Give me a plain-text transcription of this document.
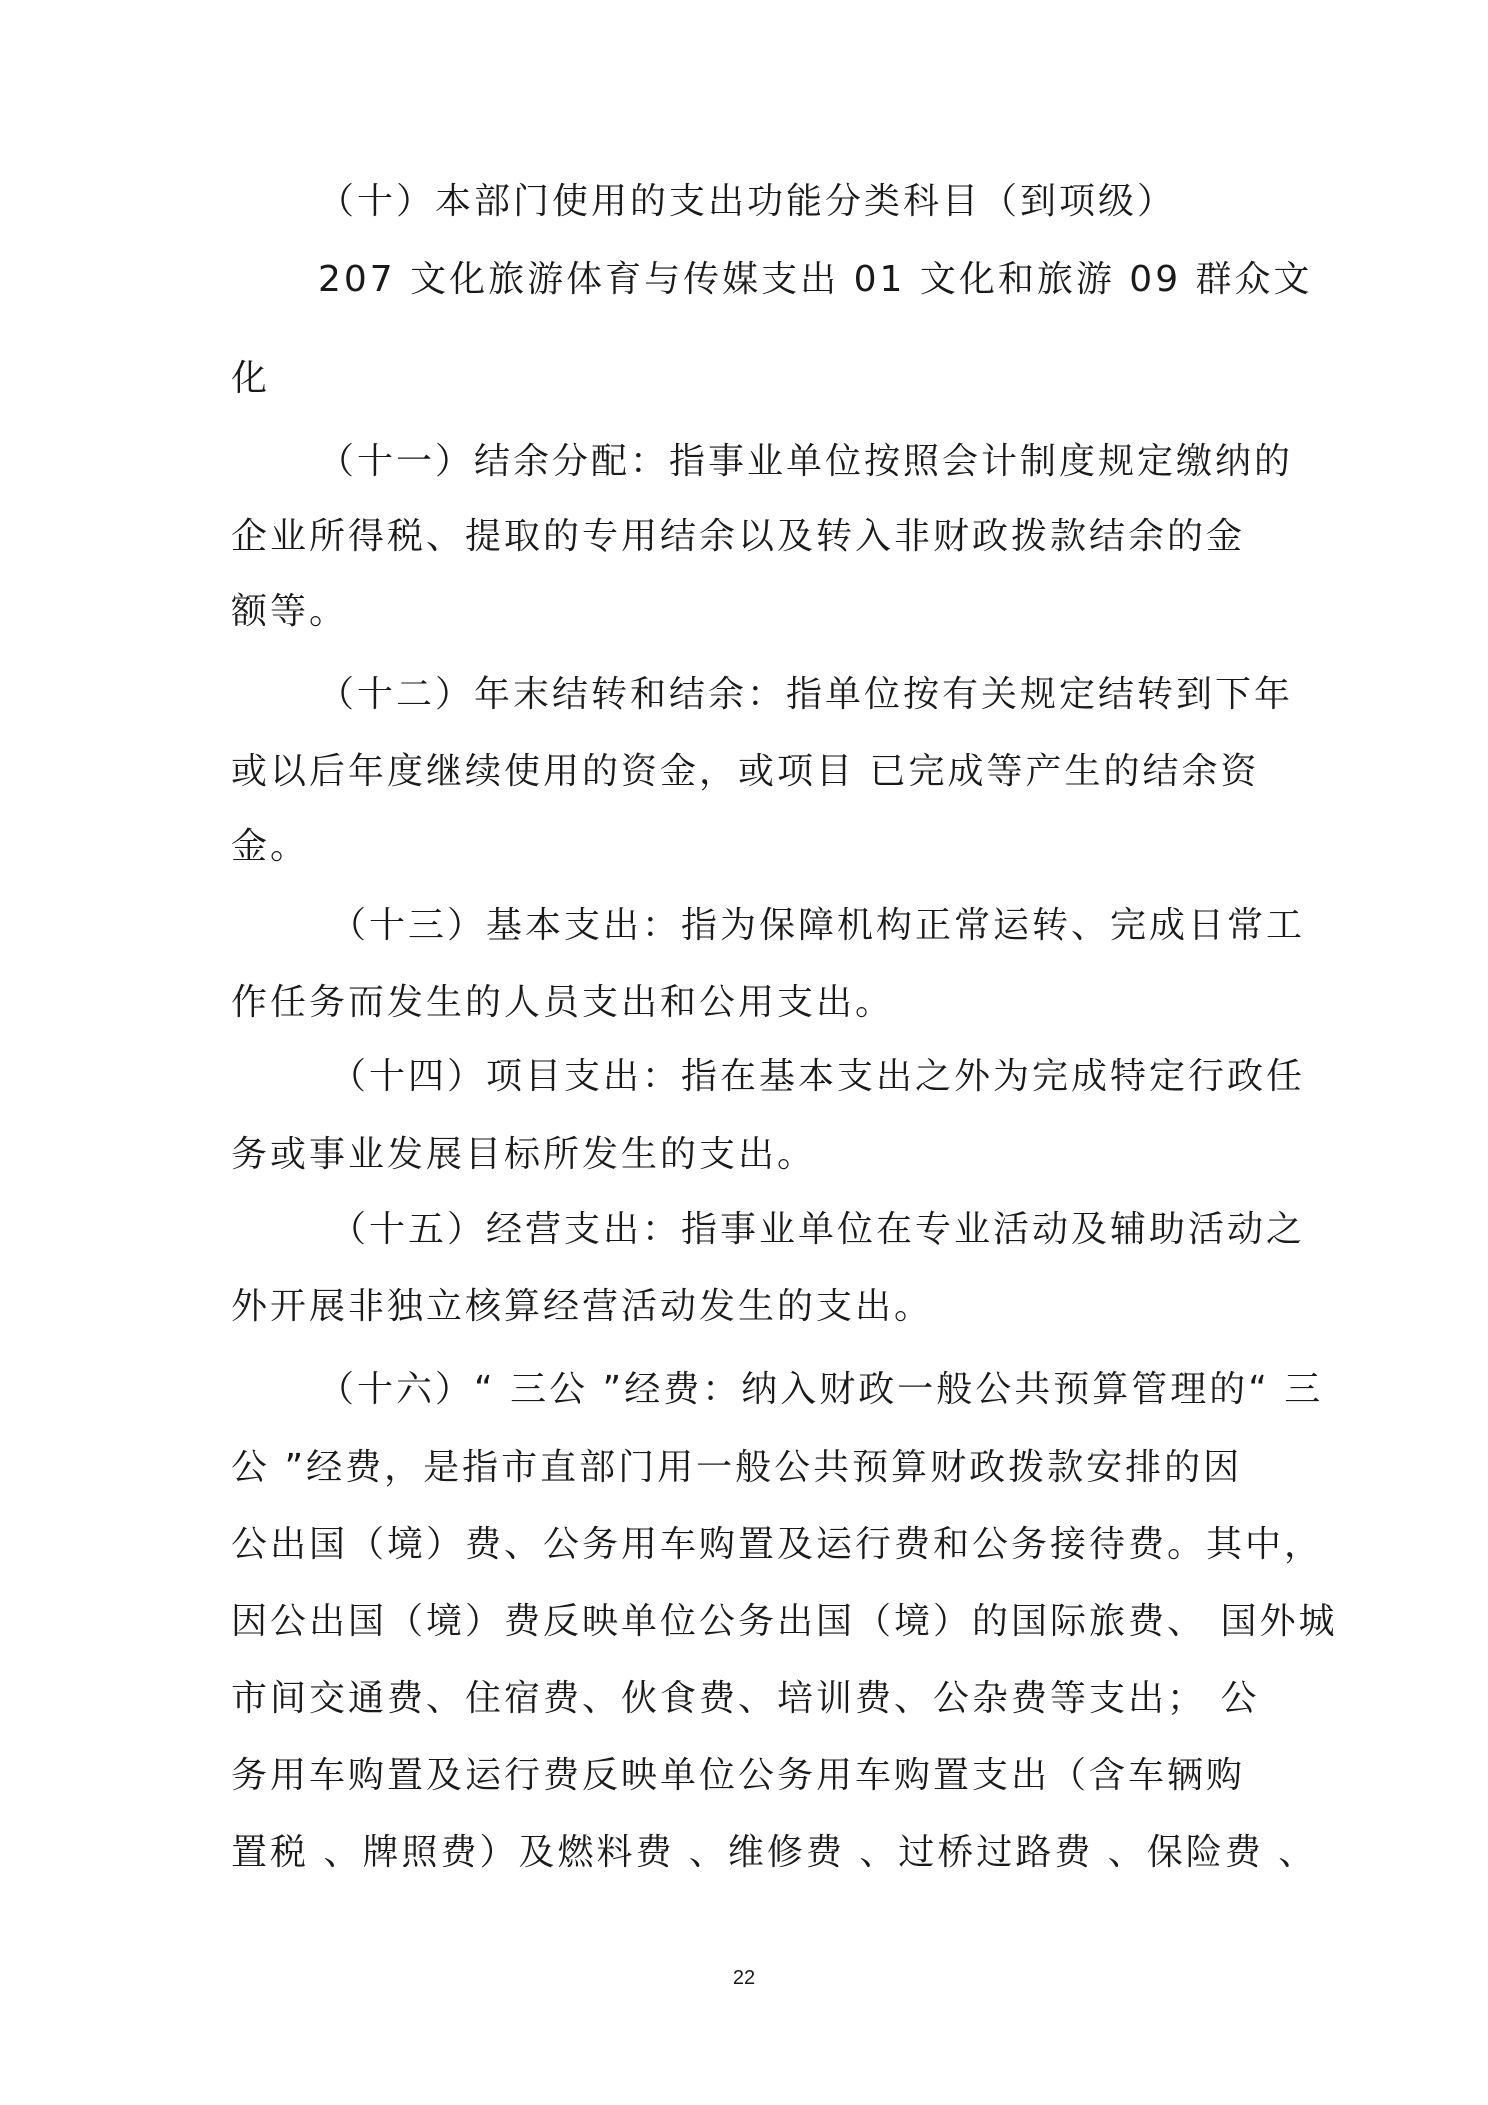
（十）本部门使用的支出功能分类科目（到项级）
207 文化旅游体育与传媒支出 01 文化和旅游 09 群众文
化
（十一）结余分配：指事业单位按照会计制度规定缴纳的
企业所得税、提取的专用结余以及转入非财政拨款结余的金
额等。
（十二）年末结转和结余：指单位按有关规定结转到下年
或以后年度继续使用的资金，或项目 已完成等产生的结余资
金。
（十三）基本支出：指为保障机构正常运转、完成日常工
作任务而发生的人员支出和公用支出。
（十四）项目支出：指在基本支出之外为完成特定行政任
务或事业发展目标所发生的支出。
（十五）经营支出：指事业单位在专业活动及辅助活动之
外开展非独立核算经营活动发生的支出。
（十六）“ 三公 ”经费：纳入财政一般公共预算管理的“ 三
公 ”经费，是指市直部门用一般公共预算财政拨款安排的因
公出国（境）费、公务用车购置及运行费和公务接待费。其中，
因公出国（境）费反映单位公务出国（境）的国际旅费、 国外城
市间交通费、住宿费、伙食费、培训费、公杂费等支出； 公
务用车购置及运行费反映单位公务用车购置支出（含车辆购
置税 、牌照费）及燃料费 、维修费 、过桥过路费 、保险费 、
22
